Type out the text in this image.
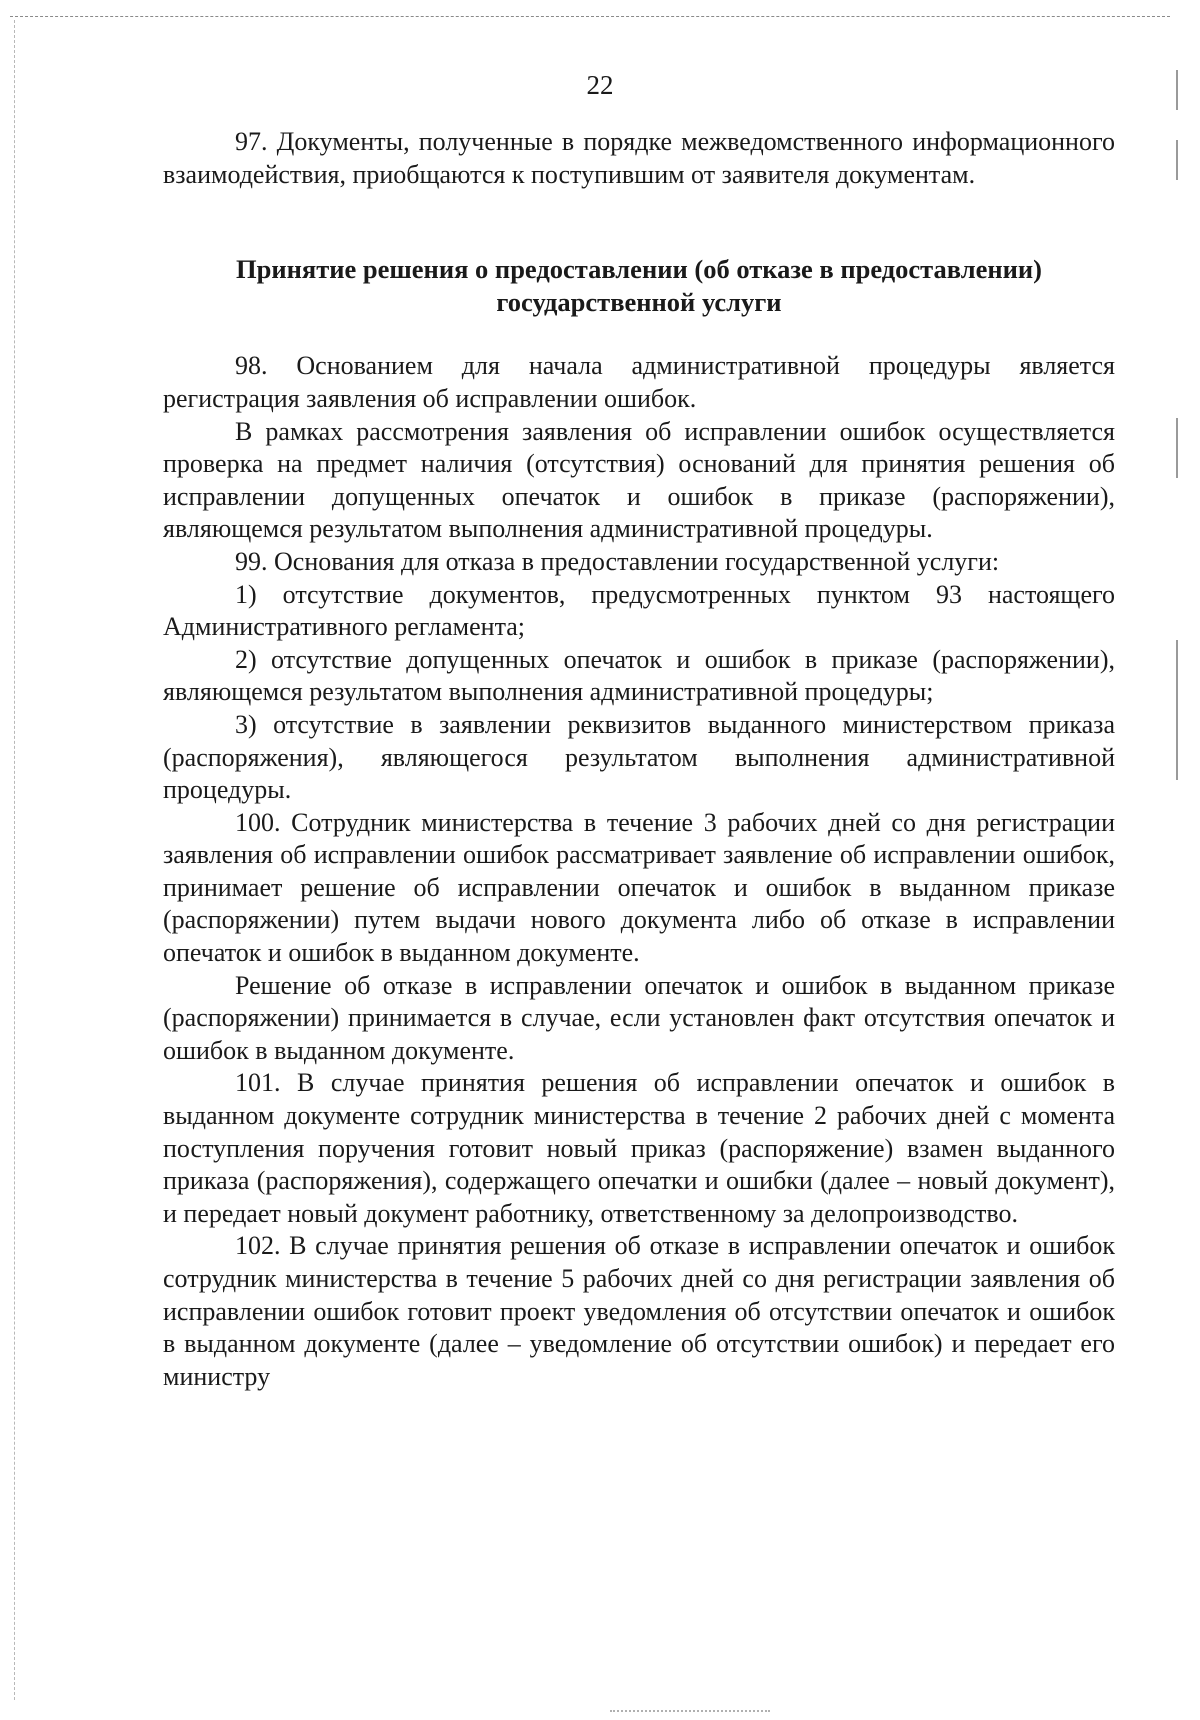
22

97. Документы, полученные в порядке межведомственного информационного взаимодействия, приобщаются к поступившим от заявителя документам.

Принятие решения о предоставлении (об отказе в предоставлении) государственной услуги

98. Основанием для начала административной процедуры является регистрация заявления об исправлении ошибок.

В рамках рассмотрения заявления об исправлении ошибок осуществляется проверка на предмет наличия (отсутствия) оснований для принятия решения об исправлении допущенных опечаток и ошибок в приказе (распоряжении), являющемся результатом выполнения административной процедуры.

99. Основания для отказа в предоставлении государственной услуги:

1) отсутствие документов, предусмотренных пунктом 93 настоящего Административного регламента;

2) отсутствие допущенных опечаток и ошибок в приказе (распоряжении), являющемся результатом выполнения административной процедуры;

3) отсутствие в заявлении реквизитов выданного министерством приказа (распоряжения), являющегося результатом выполнения административной процедуры.

100. Сотрудник министерства в течение 3 рабочих дней со дня регистрации заявления об исправлении ошибок рассматривает заявление об исправлении ошибок, принимает решение об исправлении опечаток и ошибок в выданном приказе (распоряжении) путем выдачи нового документа либо об отказе в исправлении опечаток и ошибок в выданном документе.

Решение об отказе в исправлении опечаток и ошибок в выданном приказе (распоряжении) принимается в случае, если установлен факт отсутствия опечаток и ошибок в выданном документе.

101. В случае принятия решения об исправлении опечаток и ошибок в выданном документе сотрудник министерства в течение 2 рабочих дней с момента поступления поручения готовит новый приказ (распоряжение) взамен выданного приказа (распоряжения), содержащего опечатки и ошибки (далее – новый документ), и передает новый документ работнику, ответственному за делопроизводство.

102. В случае принятия решения об отказе в исправлении опечаток и ошибок сотрудник министерства в течение 5 рабочих дней со дня регистрации заявления об исправлении ошибок готовит проект уведомления об отсутствии опечаток и ошибок в выданном документе (далее – уведомление об отсутствии ошибок) и передает его министру
